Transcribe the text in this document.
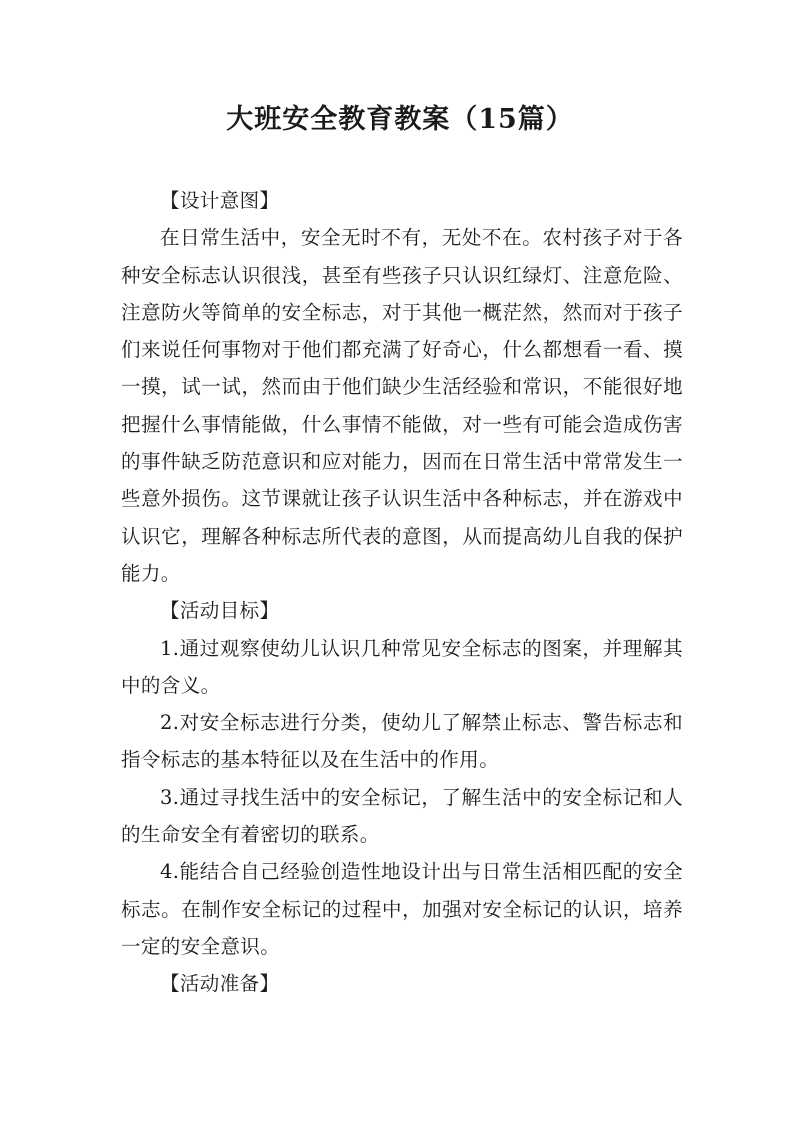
大班安全教育教案（15篇）

【设计意图】

在日常生活中，安全无时不有，无处不在。农村孩子对于各种安全标志认识很浅，甚至有些孩子只认识红绿灯、注意危险、注意防火等简单的安全标志，对于其他一概茫然，然而对于孩子们来说任何事物对于他们都充满了好奇心，什么都想看一看、摸一摸，试一试，然而由于他们缺少生活经验和常识，不能很好地把握什么事情能做，什么事情不能做，对一些有可能会造成伤害的事件缺乏防范意识和应对能力，因而在日常生活中常常发生一些意外损伤。这节课就让孩子认识生活中各种标志，并在游戏中认识它，理解各种标志所代表的意图，从而提高幼儿自我的保护能力。

【活动目标】

1.通过观察使幼儿认识几种常见安全标志的图案，并理解其中的含义。

2.对安全标志进行分类，使幼儿了解禁止标志、警告标志和指令标志的基本特征以及在生活中的作用。

3.通过寻找生活中的安全标记，了解生活中的安全标记和人的生命安全有着密切的联系。

4.能结合自己经验创造性地设计出与日常生活相匹配的安全标志。在制作安全标记的过程中，加强对安全标记的认识，培养一定的安全意识。

【活动准备】
